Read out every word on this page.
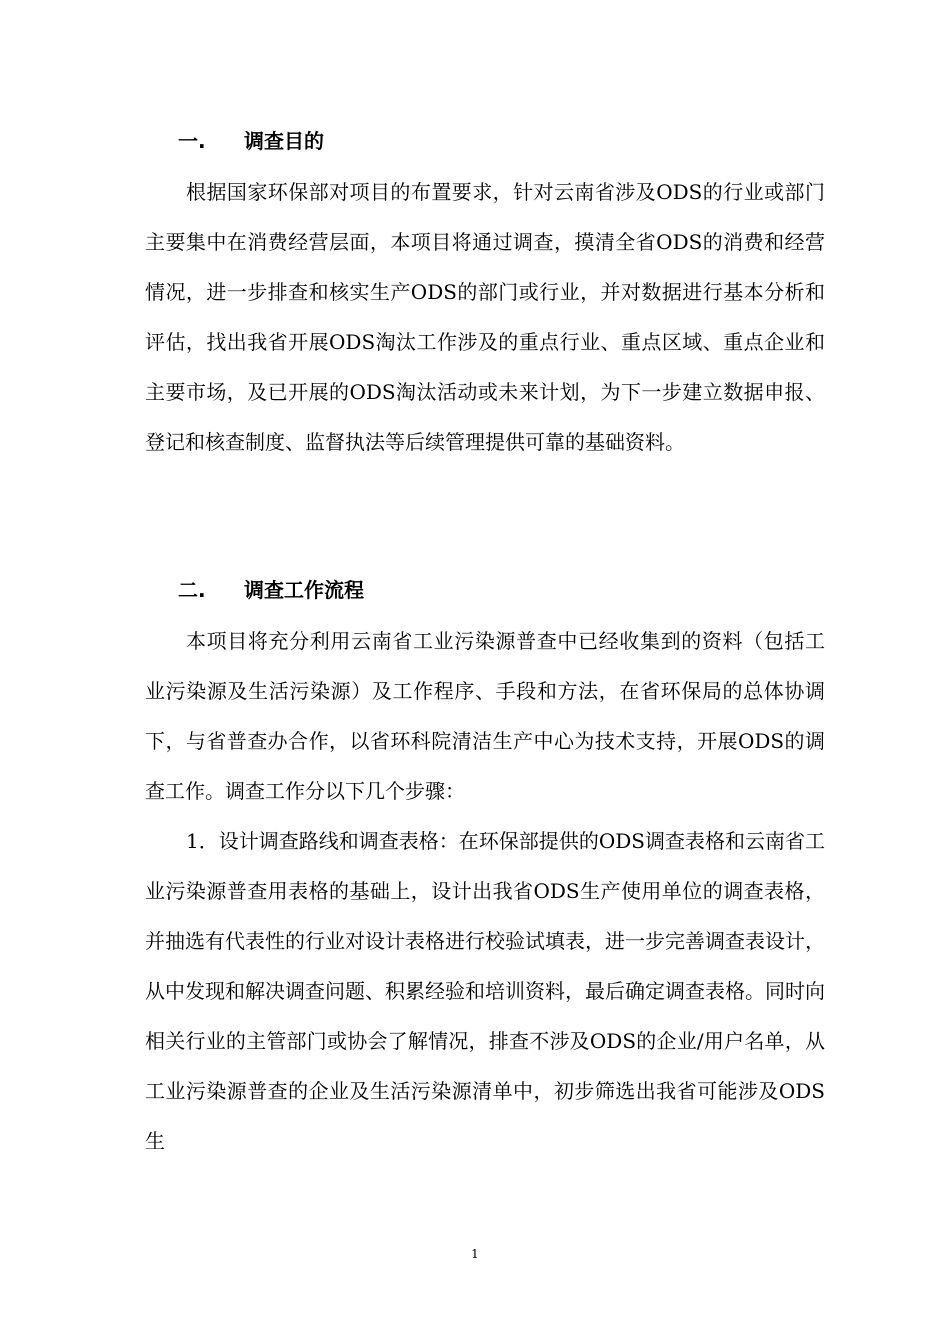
一. 调查目的

根据国家环保部对项目的布置要求，针对云南省涉及ODS的行业或部门主要集中在消费经营层面，本项目将通过调查，摸清全省ODS的消费和经营情况，进一步排查和核实生产ODS的部门或行业，并对数据进行基本分析和评估，找出我省开展ODS淘汰工作涉及的重点行业、重点区域、重点企业和主要市场，及已开展的ODS淘汰活动或未来计划，为下一步建立数据申报、登记和核查制度、监督执法等后续管理提供可靠的基础资料。

二. 调查工作流程

本项目将充分利用云南省工业污染源普查中已经收集到的资料（包括工业污染源及生活污染源）及工作程序、手段和方法，在省环保局的总体协调下，与省普查办合作，以省环科院清洁生产中心为技术支持，开展ODS的调查工作。调查工作分以下几个步骤：

1．设计调查路线和调查表格：在环保部提供的ODS调查表格和云南省工业污染源普查用表格的基础上，设计出我省ODS生产使用单位的调查表格，并抽选有代表性的行业对设计表格进行校验试填表，进一步完善调查表设计，从中发现和解决调查问题、积累经验和培训资料，最后确定调查表格。同时向相关行业的主管部门或协会了解情况，排查不涉及ODS的企业/用户名单，从工业污染源普查的企业及生活污染源清单中，初步筛选出我省可能涉及ODS生

1
